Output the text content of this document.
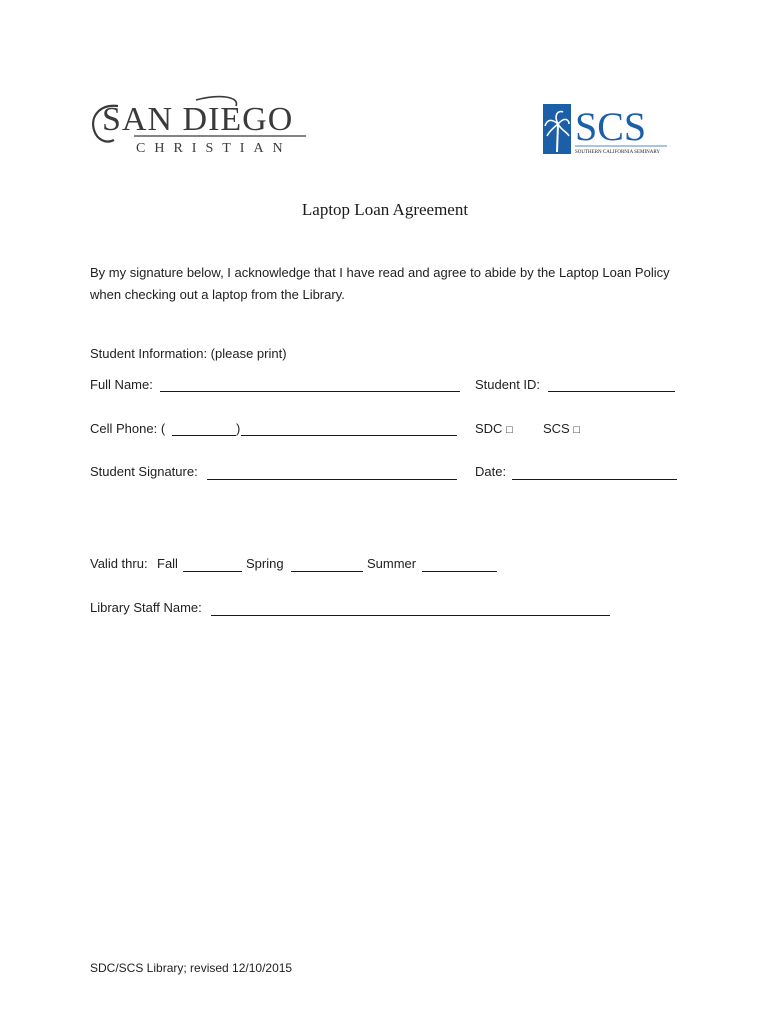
SAN DIEGO
CHRISTIAN	SCS
SOUTHERN CALIFORNIA SEMINARY
Laptop Loan Agreement
By my signature below, I acknowledge that I have read and agree to abide by the Laptop Loan Policy when checking out a laptop from the Library.
Student Information: (please print)
Full Name:	Student ID:
Cell Phone: (	)	SDC □ SCS □
Student Signature:	Date:
Valid thru: Fall	Spring	Summer
Library Staff Name:
SDC/SCS Library; revised 12/10/2015
